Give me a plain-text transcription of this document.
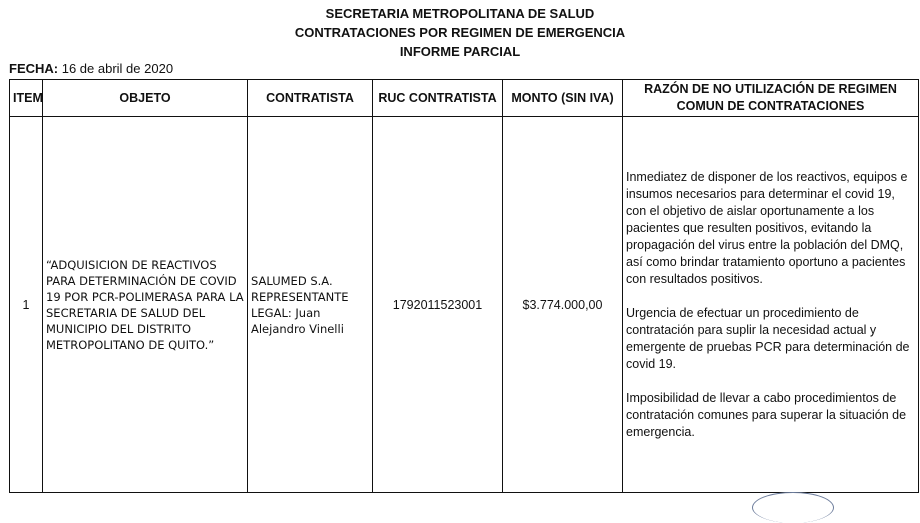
SECRETARIA METROPOLITANA DE SALUD
CONTRATACIONES POR REGIMEN DE EMERGENCIA
INFORME PARCIAL
FECHA: 16 de abril de 2020
ITEM	OBJETO	CONTRATISTA	RUC CONTRATISTA	MONTO (SIN IVA)	RAZÓN DE NO UTILIZACIÓN DE REGIMEN COMUN DE CONTRATACIONES
1	“ADQUISICION DE REACTIVOS PARA DETERMINACIÓN DE COVID 19 POR PCR-POLIMERASA PARA LA SECRETARIA DE SALUD DEL MUNICIPIO DEL DISTRITO METROPOLITANO DE QUITO.”	SALUMED S.A. REPRESENTANTE LEGAL: Juan Alejandro Vinelli	1792011523001	$3.774.000,00	Inmediatez de disponer de los reactivos, equipos e insumos necesarios para determinar el covid 19, con el objetivo de aislar oportunamente a los pacientes que resulten positivos, evitando la propagación del virus entre la población del DMQ, así como brindar tratamiento oportuno a pacientes con resultados positivos.

Urgencia de efectuar un procedimiento de contratación para suplir la necesidad actual y emergente de pruebas PCR para determinación de covid 19.

Imposibilidad de llevar a cabo procedimientos de contratación comunes para superar la situación de emergencia.
